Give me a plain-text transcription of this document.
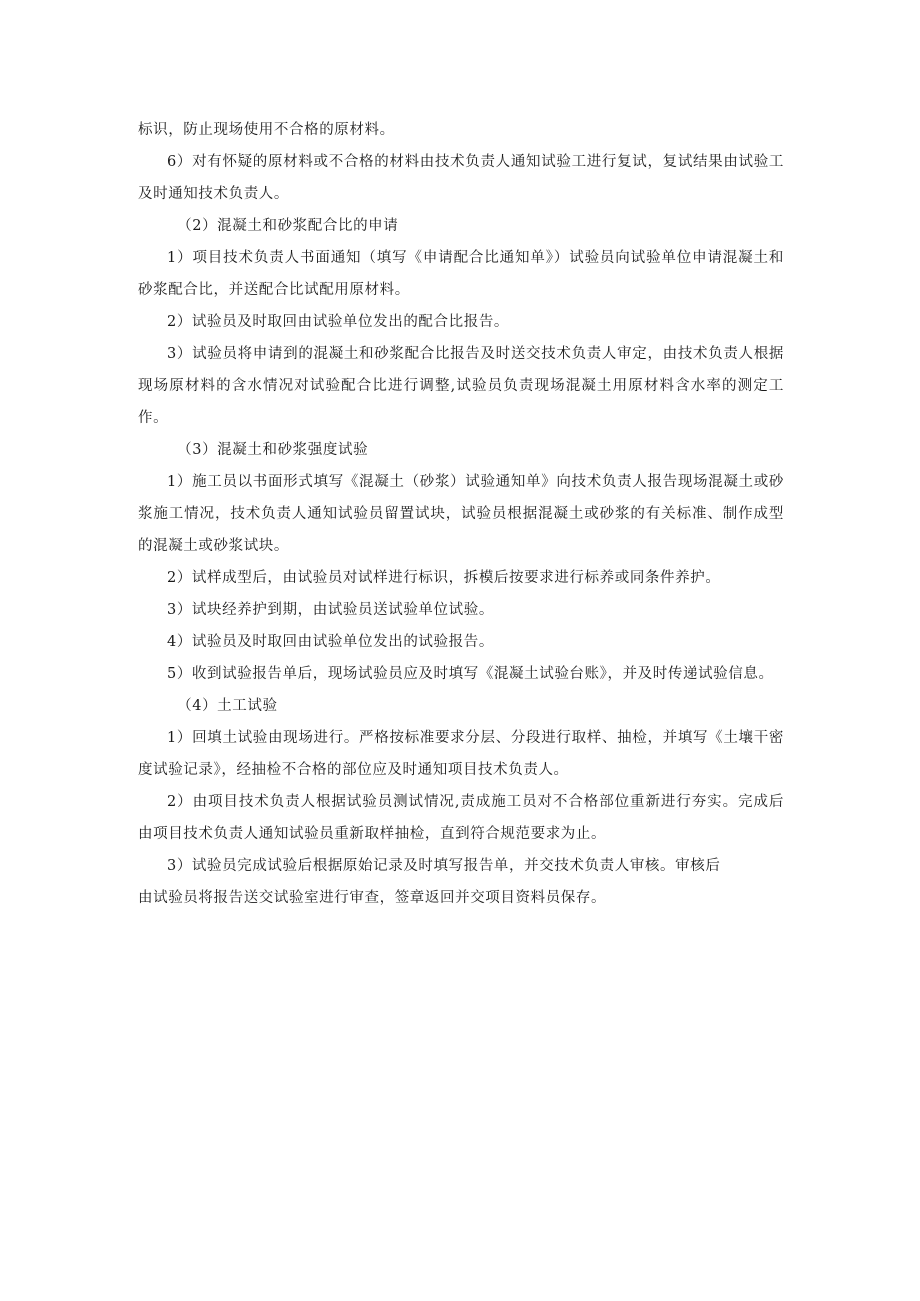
标识，防止现场使用不合格的原材料。

6）对有怀疑的原材料或不合格的材料由技术负责人通知试验工进行复试，复试结果由试验工及时通知技术负责人。

（2）混凝土和砂浆配合比的申请

1）项目技术负责人书面通知（填写《申请配合比通知单》）试验员向试验单位申请混凝土和砂浆配合比，并送配合比试配用原材料。

2）试验员及时取回由试验单位发出的配合比报告。

3）试验员将申请到的混凝土和砂浆配合比报告及时送交技术负责人审定，由技术负责人根据现场原材料的含水情况对试验配合比进行调整,试验员负责现场混凝土用原材料含水率的测定工作。

（3）混凝土和砂浆强度试验

1）施工员以书面形式填写《混凝土（砂浆）试验通知单》向技术负责人报告现场混凝土或砂浆施工情况，技术负责人通知试验员留置试块，试验员根据混凝土或砂浆的有关标准、制作成型的混凝土或砂浆试块。

2）试样成型后，由试验员对试样进行标识，拆模后按要求进行标养或同条件养护。

3）试块经养护到期，由试验员送试验单位试验。

4）试验员及时取回由试验单位发出的试验报告。

5）收到试验报告单后，现场试验员应及时填写《混凝土试验台账》，并及时传递试验信息。

（4）土工试验

1）回填土试验由现场进行。严格按标准要求分层、分段进行取样、抽检，并填写《土壤干密度试验记录》，经抽检不合格的部位应及时通知项目技术负责人。

2）由项目技术负责人根据试验员测试情况,责成施工员对不合格部位重新进行夯实。完成后由项目技术负责人通知试验员重新取样抽检，直到符合规范要求为止。

3）试验员完成试验后根据原始记录及时填写报告单，并交技术负责人审核。审核后

由试验员将报告送交试验室进行审查，签章返回并交项目资料员保存。
